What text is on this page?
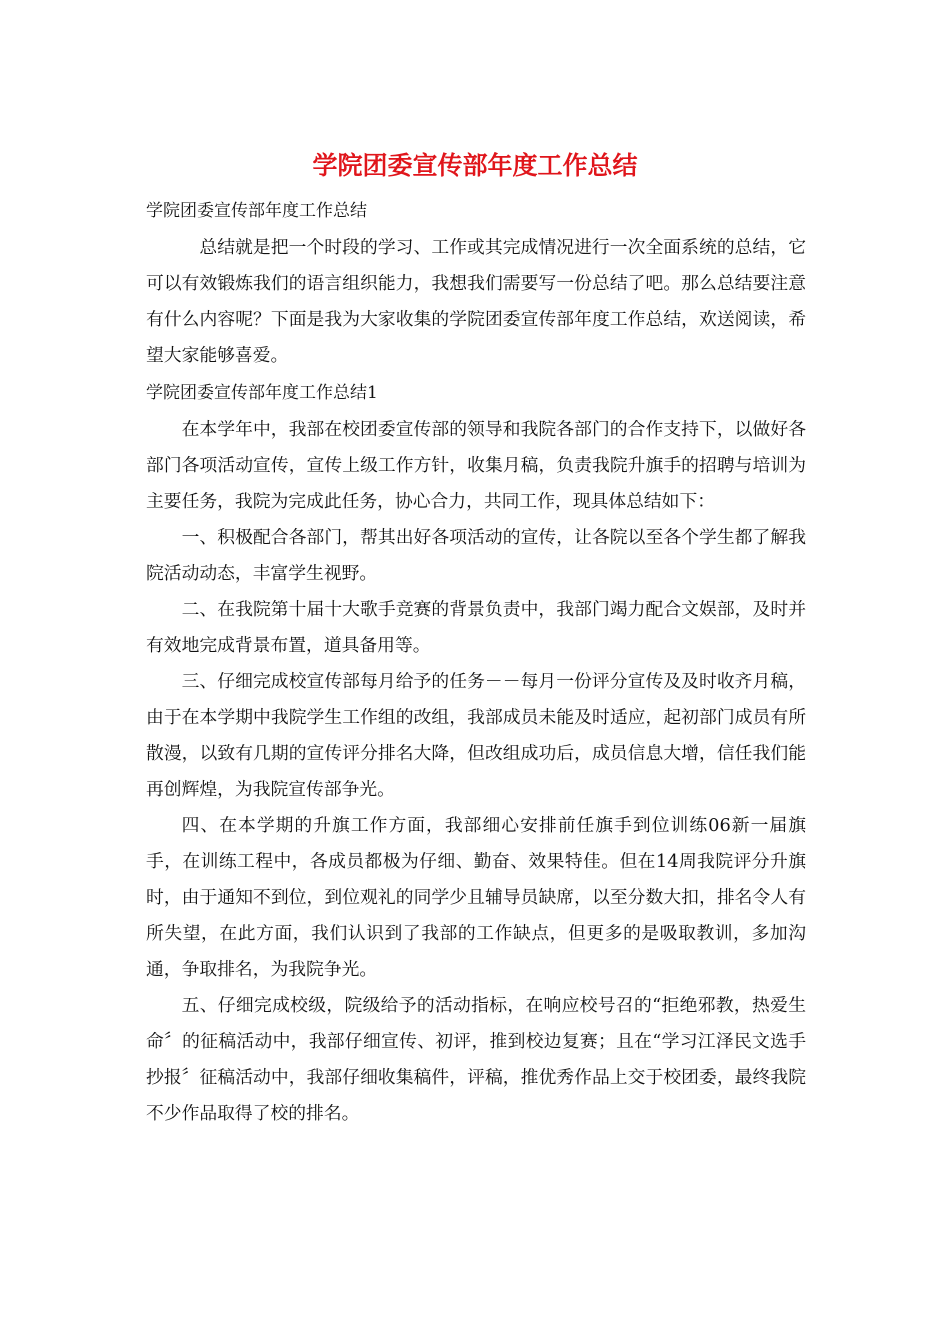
学院团委宣传部年度工作总结

学院团委宣传部年度工作总结

总结就是把一个时段的学习、工作或其完成情况进行一次全面系统的总结，它可以有效锻炼我们的语言组织能力，我想我们需要写一份总结了吧。那么总结要注意有什么内容呢？下面是我为大家收集的学院团委宣传部年度工作总结，欢送阅读，希望大家能够喜爱。

学院团委宣传部年度工作总结1

在本学年中，我部在校团委宣传部的领导和我院各部门的合作支持下，以做好各部门各项活动宣传，宣传上级工作方针，收集月稿，负责我院升旗手的招聘与培训为主要任务，我院为完成此任务，协心合力，共同工作，现具体总结如下：

一、积极配合各部门，帮其出好各项活动的宣传，让各院以至各个学生都了解我院活动动态，丰富学生视野。

二、在我院第十届十大歌手竞赛的背景负责中，我部门竭力配合文娱部，及时并有效地完成背景布置，道具备用等。

三、仔细完成校宣传部每月给予的任务－－每月一份评分宣传及及时收齐月稿，由于在本学期中我院学生工作组的改组，我部成员未能及时适应，起初部门成员有所散漫，以致有几期的宣传评分排名大降，但改组成功后，成员信息大增，信任我们能再创辉煌，为我院宣传部争光。

四、在本学期的升旗工作方面，我部细心安排前任旗手到位训练06新一届旗手，在训练工程中，各成员都极为仔细、勤奋、效果特佳。但在14周我院评分升旗时，由于通知不到位，到位观礼的同学少且辅导员缺席，以至分数大扣，排名令人有所失望，在此方面，我们认识到了我部的工作缺点，但更多的是吸取教训，多加沟通，争取排名，为我院争光。

五、仔细完成校级，院级给予的活动指标，在响应校号召的“拒绝邪教，热爱生命〞的征稿活动中，我部仔细宣传、初评，推到校边复赛；且在“学习江泽民文选手抄报〞征稿活动中，我部仔细收集稿件，评稿，推优秀作品上交于校团委，最终我院不少作品取得了校的排名。
